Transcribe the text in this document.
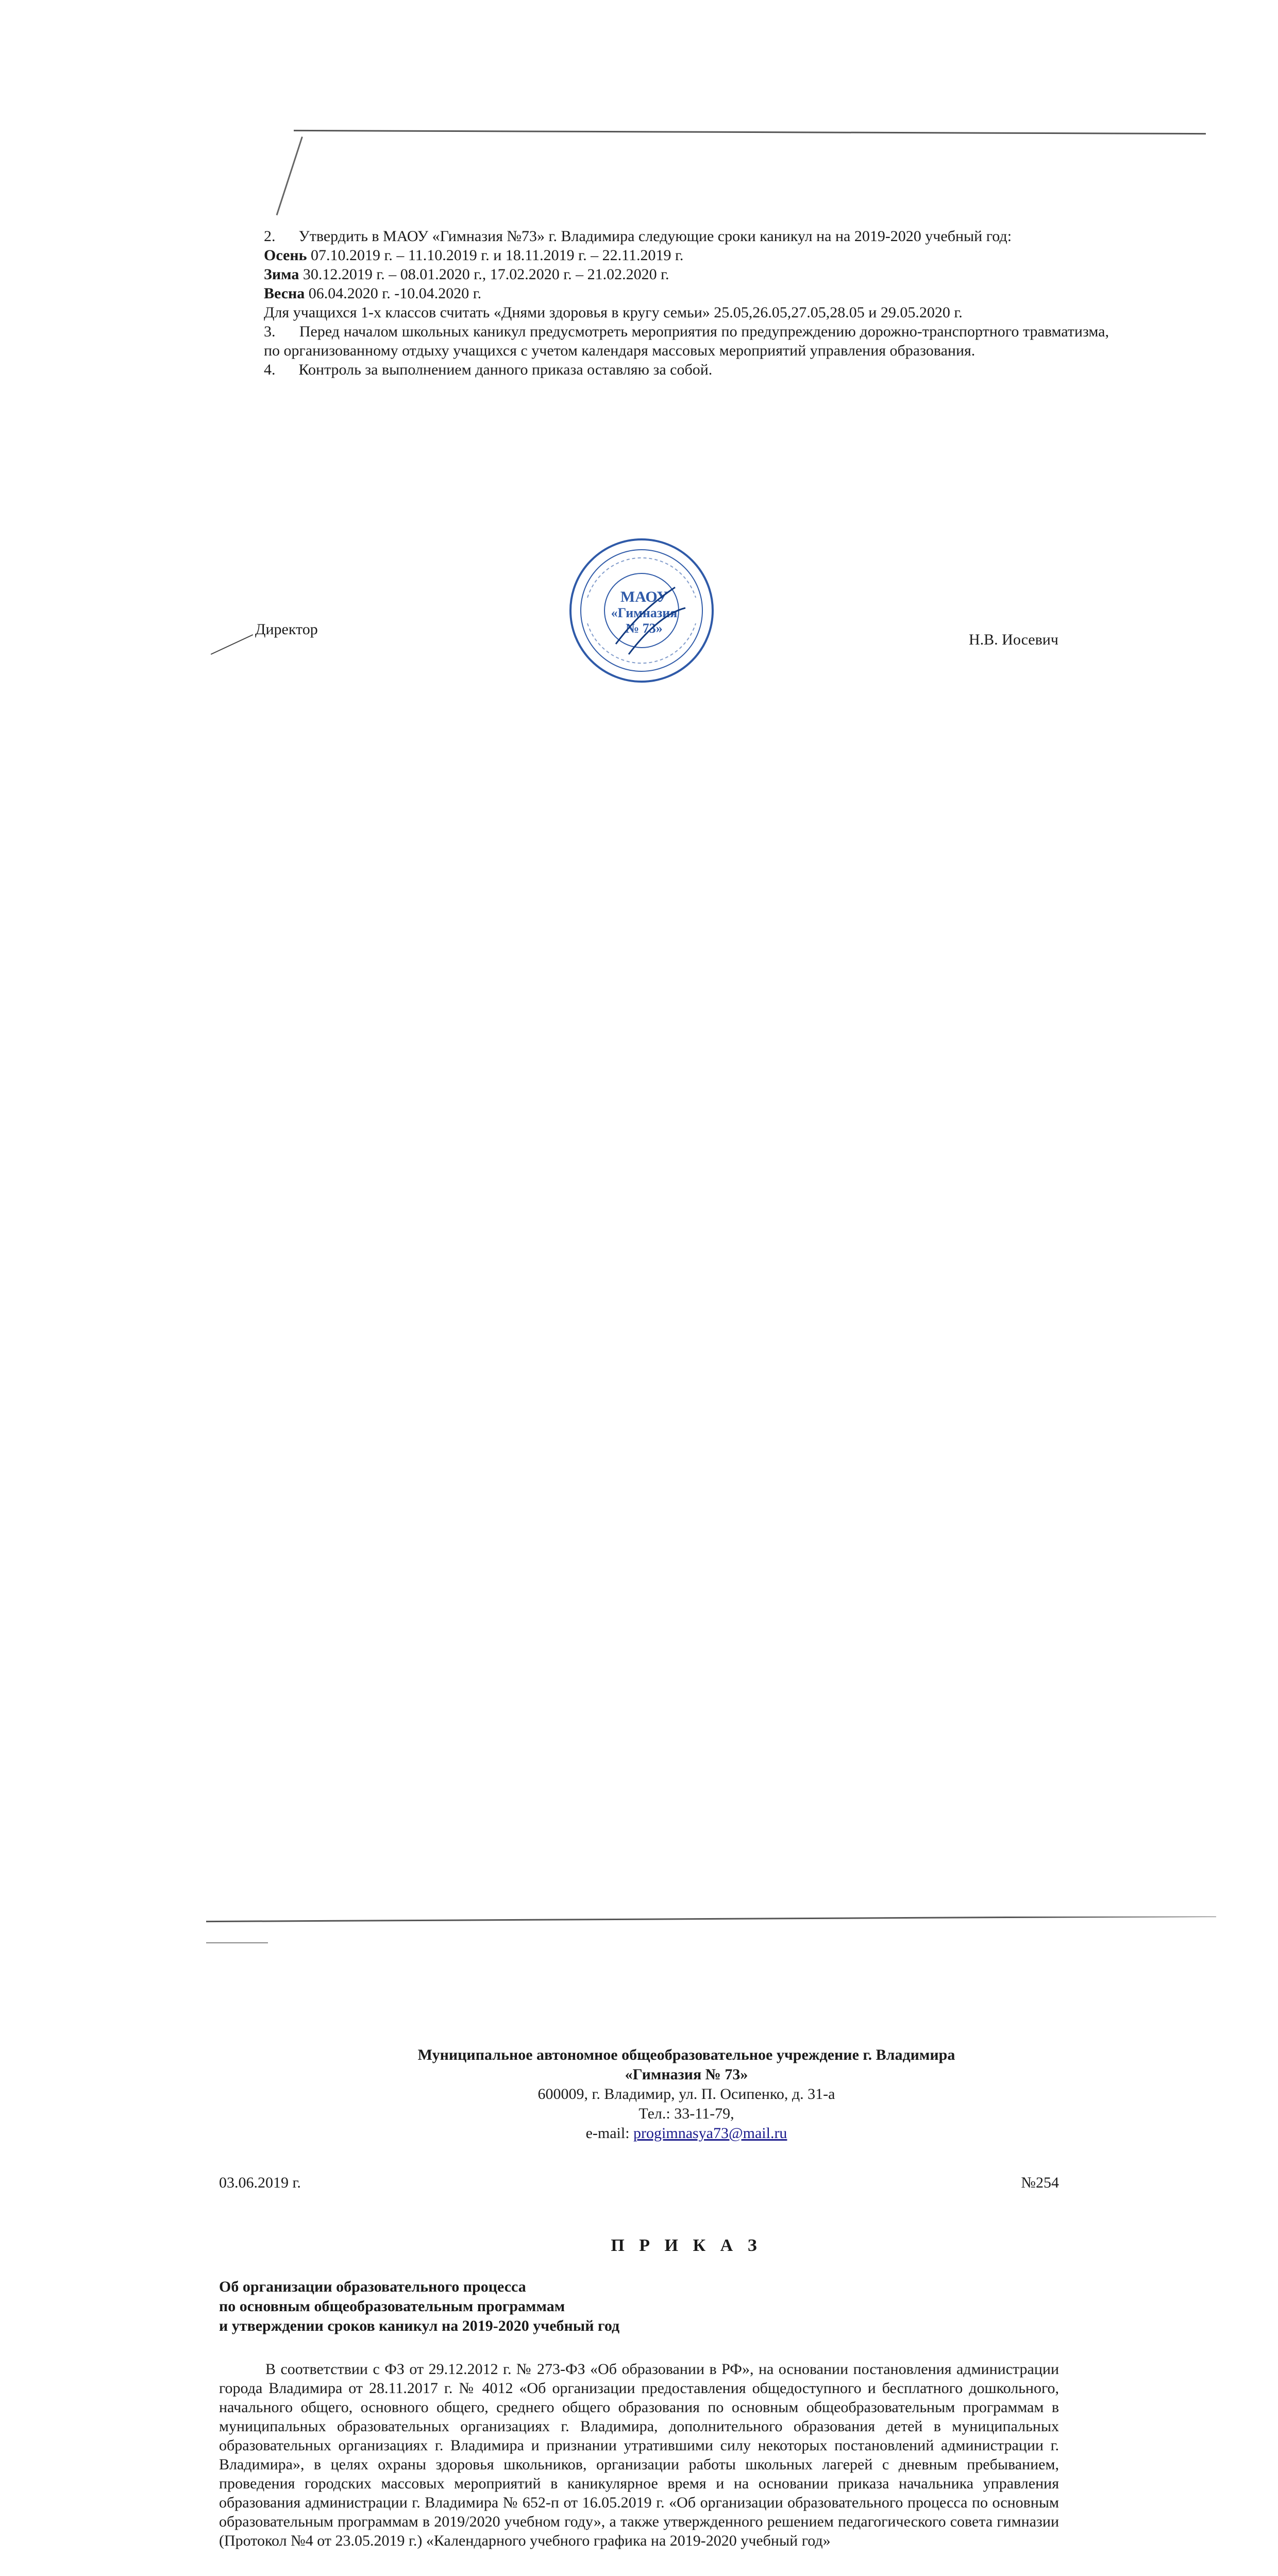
2.      Утвердить в МАОУ «Гимназия №73» г. Владимира следующие сроки каникул на на 2019-2020 учебный год:

Осень 07.10.2019 г. – 11.10.2019 г. и 18.11.2019 г. – 22.11.2019 г.

Зима 30.12.2019 г. – 08.01.2020 г., 17.02.2020 г. – 21.02.2020 г.

Весна 06.04.2020 г. -10.04.2020 г.

Для учащихся 1-х классов считать «Днями здоровья в кругу семьи» 25.05,26.05,27.05,28.05 и 29.05.2020 г.

3.      Перед началом школьных каникул предусмотреть мероприятия по предупреждению дорожно-транспортного травматизма, по организованному отдыху учащихся с учетом календаря массовых мероприятий управления образования.

4.      Контроль за выполнением данного приказа оставляю за собой.

Директор
МАОУ
«Гимназия
№ 73»
Н.В. Иосевич
Муниципальное автономное общеобразовательное учреждение г. Владимира
«Гимназия № 73»
600009, г. Владимир, ул. П. Осипенко, д. 31-а
Тел.: 33-11-79,
e-mail: progimnasya73@mail.ru
03.06.2019 г.	№254
П Р И К А З
Об организации образовательного процесса
по основным общеобразовательным программам
и утверждении сроков каникул на 2019-2020 учебный год
В соответствии с ФЗ от 29.12.2012 г. № 273-ФЗ «Об образовании в РФ», на основании постановления администрации города Владимира от 28.11.2017 г. № 4012 «Об организации предоставления общедоступного и бесплатного дошкольного, начального общего, основного общего, среднего общего образования по основным общеобразовательным программам в муниципальных образовательных организациях г. Владимира, дополнительного образования детей в муниципальных образовательных организациях г. Владимира и признании утратившими силу некоторых постановлений администрации г. Владимира», в целях охраны здоровья школьников, организации работы школьных лагерей с дневным пребыванием, проведения городских массовых мероприятий в каникулярное время и на основании приказа начальника управления образования администрации г. Владимира № 652-п от 16.05.2019 г. «Об организации образовательного процесса по основным образовательным программам в 2019/2020 учебном году», а также утвержденного решением педагогического совета гимназии (Протокол №4 от 23.05.2019 г.) «Календарного учебного графика на 2019-2020 учебный год»
